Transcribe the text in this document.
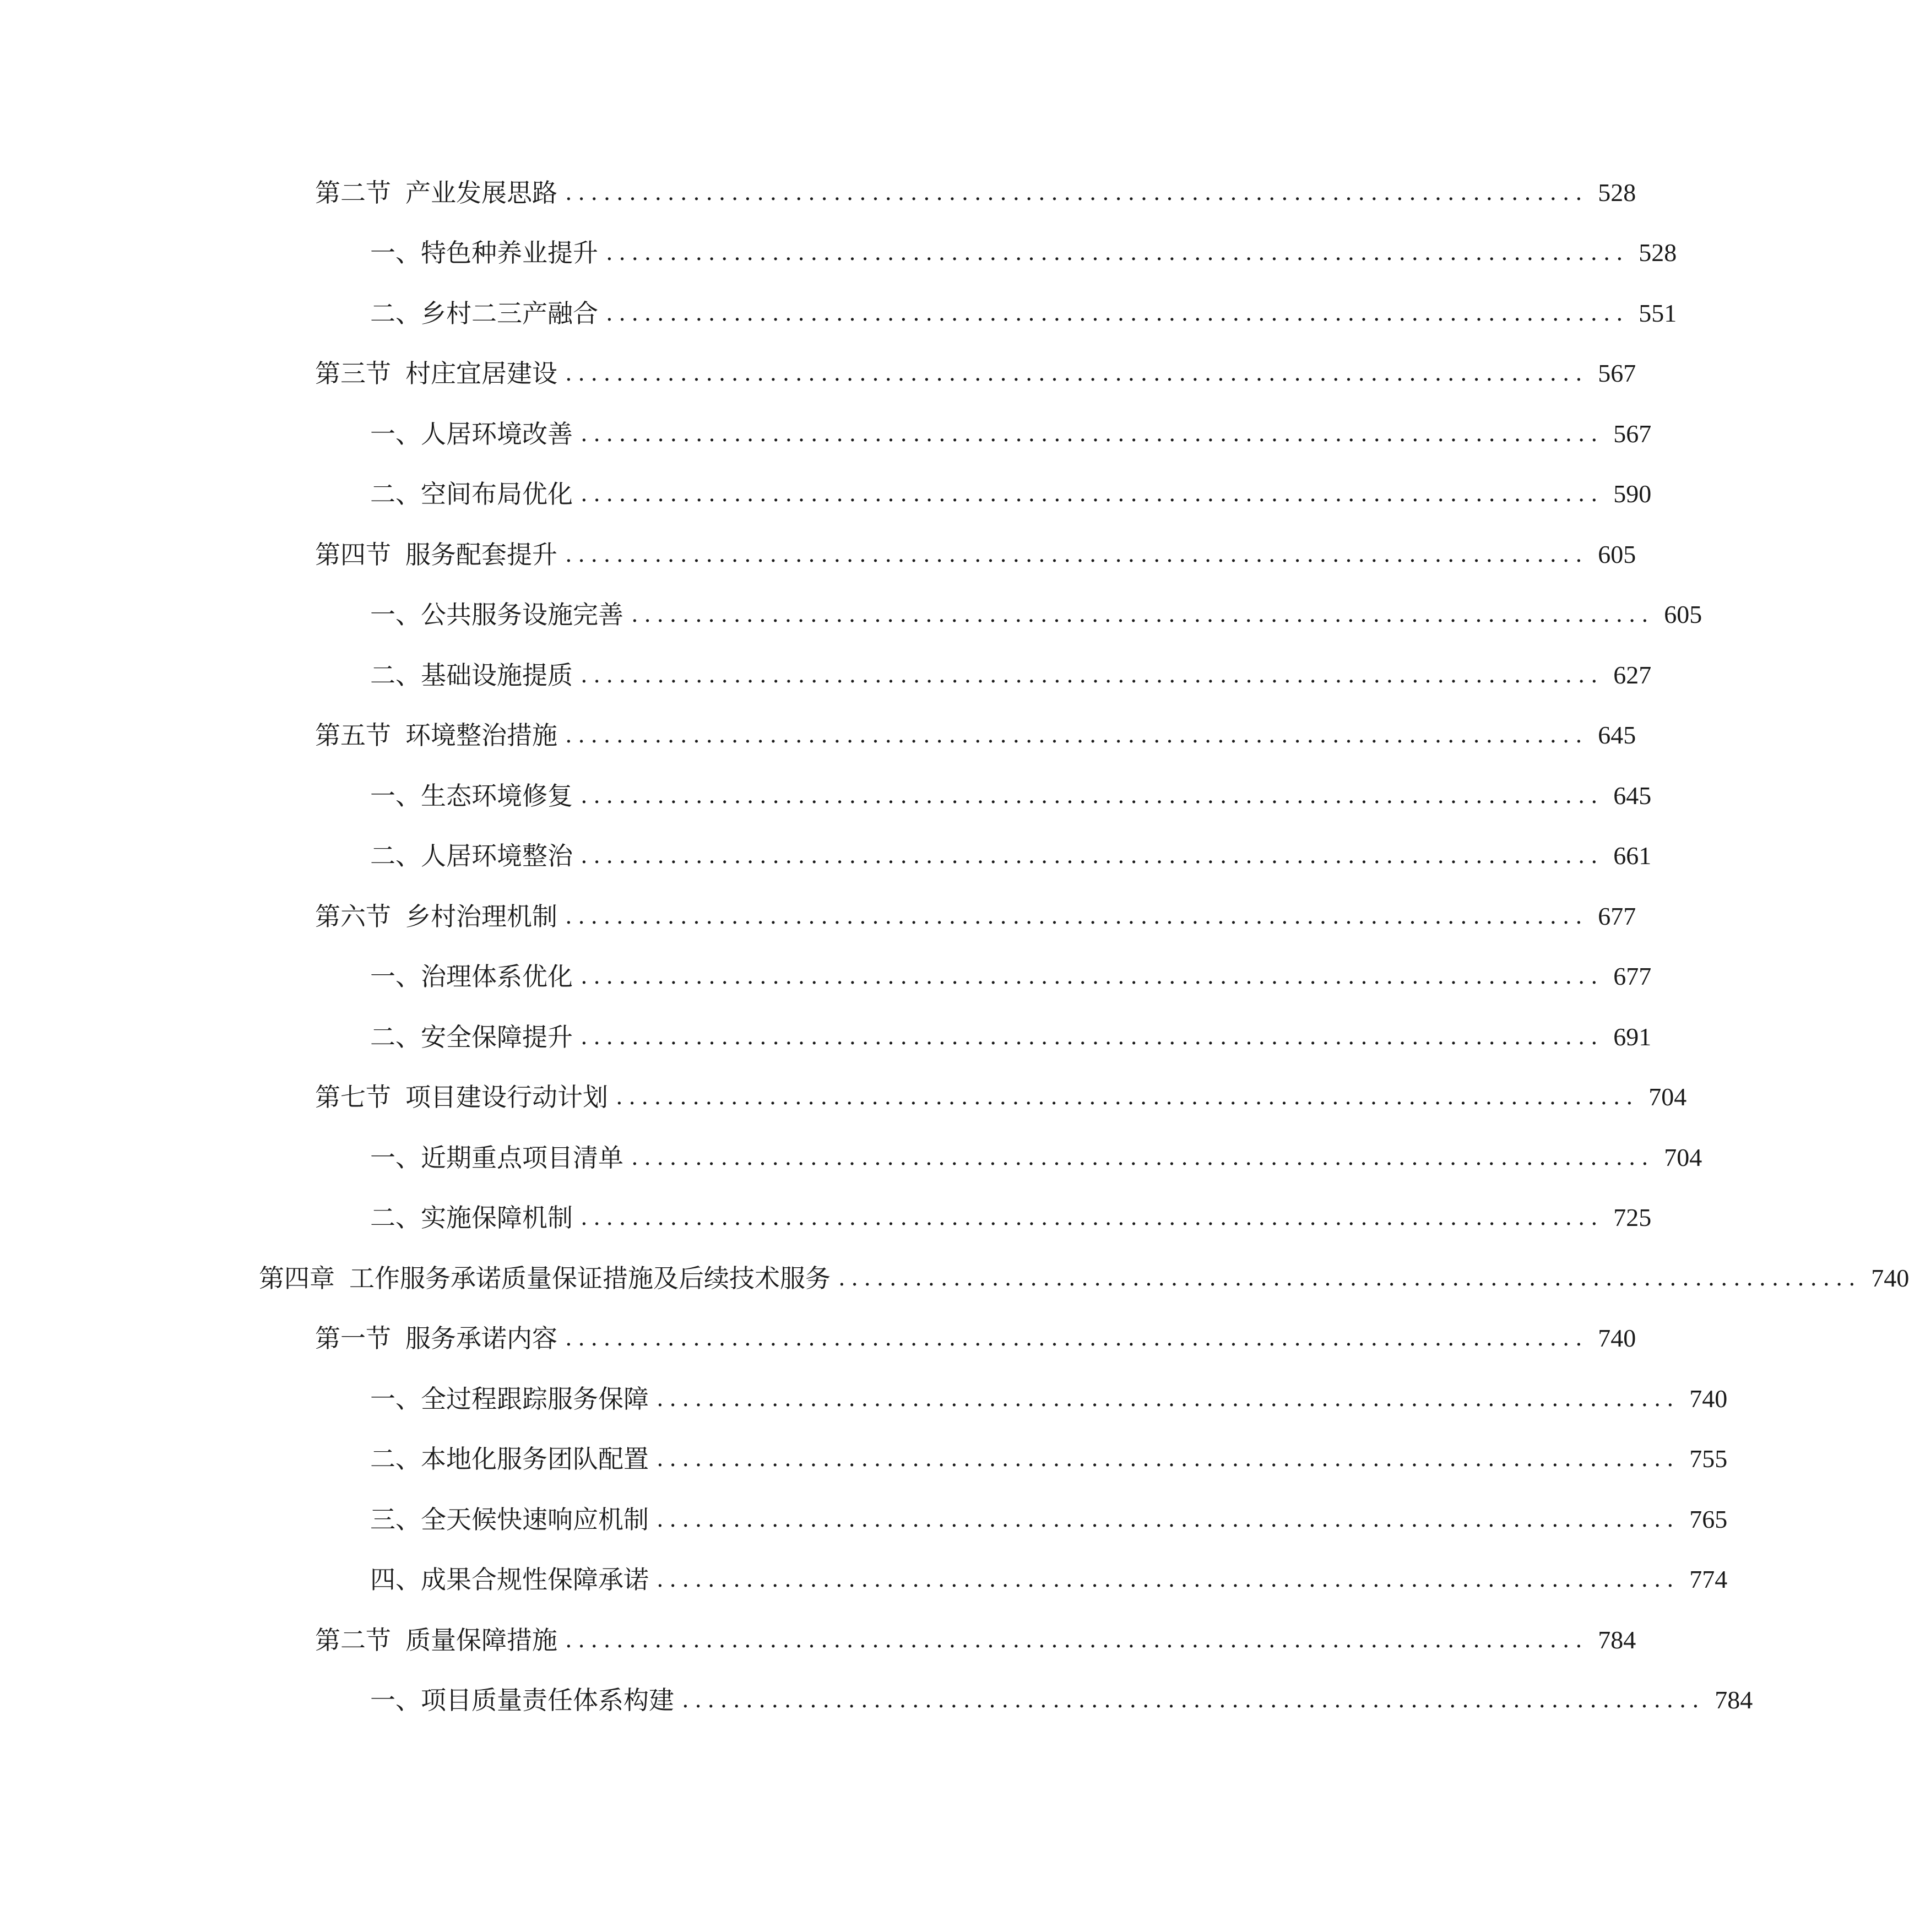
第二节 产业发展思路 ................................................................................ 528
一、 特色种养业提升 ................................................................................ 528
二、 乡村二三产融合 ................................................................................ 551
第三节 村庄宜居建设 ................................................................................ 567
一、 人居环境改善 ................................................................................ 567
二、 空间布局优化 ................................................................................ 590
第四节 服务配套提升 ................................................................................ 605
一、 公共服务设施完善 ................................................................................ 605
二、 基础设施提质 ................................................................................ 627
第五节 环境整治措施 ................................................................................ 645
一、 生态环境修复 ................................................................................ 645
二、 人居环境整治 ................................................................................ 661
第六节 乡村治理机制 ................................................................................ 677
一、 治理体系优化 ................................................................................ 677
二、 安全保障提升 ................................................................................ 691
第七节 项目建设行动计划 ................................................................................ 704
一、 近期重点项目清单 ................................................................................ 704
二、 实施保障机制 ................................................................................ 725
第四章 工作服务承诺质量保证措施及后续技术服务 ................................................................................ 740
第一节 服务承诺内容 ................................................................................ 740
一、 全过程跟踪服务保障 ................................................................................ 740
二、 本地化服务团队配置 ................................................................................ 755
三、 全天候快速响应机制 ................................................................................ 765
四、 成果合规性保障承诺 ................................................................................ 774
第二节 质量保障措施 ................................................................................ 784
一、 项目质量责任体系构建 ................................................................................ 784
